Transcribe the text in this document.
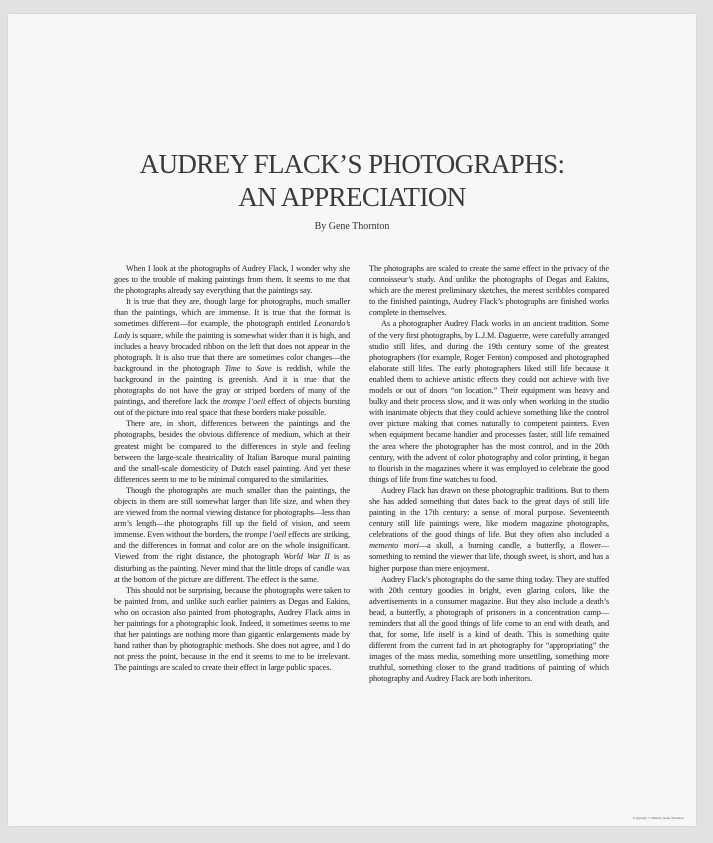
AUDREY FLACK’S PHOTOGRAPHS:
AN APPRECIATION
By Gene Thornton

When I look at the photographs of Audrey Flack, I wonder why she goes to the trouble of making paintings from them. It seems to me that the photographs already say everything that the paintings say.

It is true that they are, though large for photographs, much smaller than the paintings, which are immense. It is true that the format is sometimes different—for example, the photograph entitled Leonardo’s Lady is square, while the painting is somewhat wider than it is high, and includes a heavy brocaded ribbon on the left that does not appear in the photograph. It is also true that there are sometimes color changes—the background in the photograph Time to Save is reddish, while the background in the painting is greenish. And it is true that the photographs do not have the gray or striped borders of many of the paintings, and therefore lack the trompe l’oeil effect of objects bursting out of the picture into real space that these borders make possible.

There are, in short, differences between the paintings and the photographs, besides the obvious difference of medium, which at their greatest might be compared to the differences in style and feeling between the large-scale theatricality of Italian Baroque mural painting and the small-scale domesticity of Dutch easel painting. And yet these differences seem to me to be minimal compared to the similarities.

Though the photographs are much smaller than the paintings, the objects in them are still somewhat larger than life size, and when they are viewed from the normal viewing distance for photographs—less than arm’s length—the photographs fill up the field of vision, and seem immense. Even without the borders, the trompe l’oeil effects are striking, and the differences in format and color are on the whole insignificant. Viewed from the right distance, the photograph World War II is as disturbing as the painting. Never mind that the little drops of candle wax at the bottom of the picture are different. The effect is the same.

This should not be surprising, because the photographs were taken to be painted from, and unlike such earlier painters as Degas and Eakins, who on occasion also painted from photographs, Audrey Flack aims in her paintings for a photographic look. Indeed, it sometimes seems to me that her paintings are nothing more than gigantic enlargements made by hand rather than by photographic methods. She does not agree, and I do not press the point, because in the end it seems to me to be irrelevant. The paintings are scaled to create their effect in large public spaces.

The photographs are scaled to create the same effect in the privacy of the connoisseur’s study. And unlike the photographs of Degas and Eakins, which are the merest preliminary sketches, the merest scribbles compared to the finished paintings, Audrey Flack’s photographs are finished works complete in themselves.

As a photographer Audrey Flack works in an ancient tradition. Some of the very first photographs, by L.J.M. Daguerre, were carefully arranged studio still lifes, and during the 19th century some of the greatest photographers (for example, Roger Fenton) composed and photographed elaborate still lifes. The early photographers liked still life because it enabled them to achieve artistic effects they could not achieve with live models or out of doors “on location.” Their equipment was heavy and bulky and their process slow, and it was only when working in the studio with inanimate objects that they could achieve something like the control over picture making that comes naturally to competent painters. Even when equipment became handier and processes faster, still life remained the area where the photographer has the most control, and in the 20th century, with the advent of color photography and color printing, it began to flourish in the magazines where it was employed to celebrate the good things of life from fine watches to food.

Audrey Flack has drawn on these photographic traditions. But to them she has added something that dates back to the great days of still life painting in the 17th century: a sense of moral purpose. Seventeenth century still life paintings were, like modern magazine photographs, celebrations of the good things of life. But they often also included a memento mori—a skull, a burning candle, a butterfly, a flower—something to remind the viewer that life, though sweet, is short, and has a higher purpose than mere enjoyment.

Audrey Flack’s photographs do the same thing today. They are stuffed with 20th century goodies in bright, even glaring colors, like the advertisements in a consumer magazine. But they also include a death’s head, a butterfly, a photograph of prisoners in a concentration camp—reminders that all the good things of life come to an end with death, and that, for some, life itself is a kind of death. This is something quite different from the current fad in art photography for “appropriating” the images of the mass media, something more unsettling, something more truthful, something closer to the grand traditions of painting of which photography and Audrey Flack are both inheritors.

Copyright ©1984 by Gene Thornton
